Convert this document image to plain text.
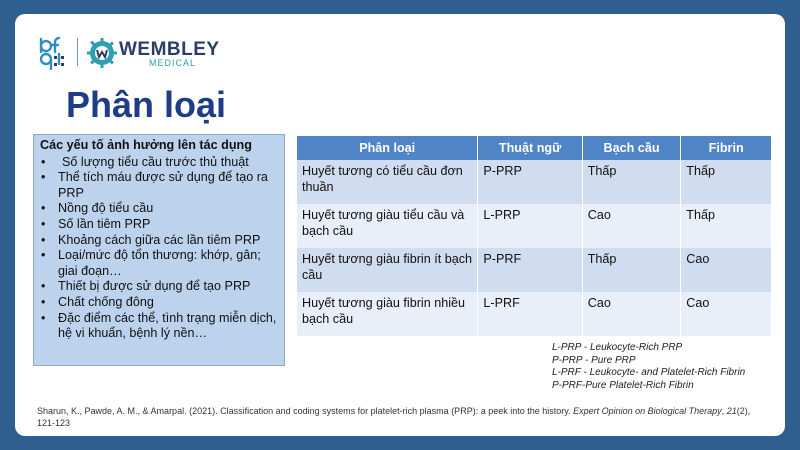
WEMBLEY
MEDICAL
Phân loại
Các yếu tố ảnh hưởng lên tác dụng
• Số lượng tiểu cầu trước thủ thuật
• Thể tích máu được sử dụng để tạo ra PRP
• Nồng độ tiểu cầu
• Số lần tiêm PRP
• Khoảng cách giữa các lần tiêm PRP
• Loại/mức độ tổn thương: khớp, gân; giai đoạn…
• Thiết bị được sử dụng để tạo PRP
• Chất chống đông
• Đặc điểm các thể, tình trạng miễn dịch, hệ vi khuẩn, bệnh lý nền…
Phân loại	Thuật ngữ	Bạch cầu	Fibrin
Huyết tương có tiểu cầu đơn thuần	P-PRP	Thấp	Thấp
Huyết tương giàu tiểu cầu và bạch cầu	L-PRP	Cao	Thấp
Huyết tương giàu fibrin ít bạch cầu	P-PRF	Thấp	Cao
Huyết tương giàu fibrin nhiều bạch cầu	L-PRF	Cao	Cao
L-PRP - Leukocyte-Rich PRP
P-PRP - Pure PRP
L-PRF - Leukocyte- and Platelet-Rich Fibrin
P-PRF-Pure Platelet-Rich Fibrin
Sharun, K., Pawde, A. M., & Amarpal. (2021). Classification and coding systems for platelet-rich plasma (PRP): a peek into the history. Expert Opinion on Biological Therapy, 21(2), 121-123
